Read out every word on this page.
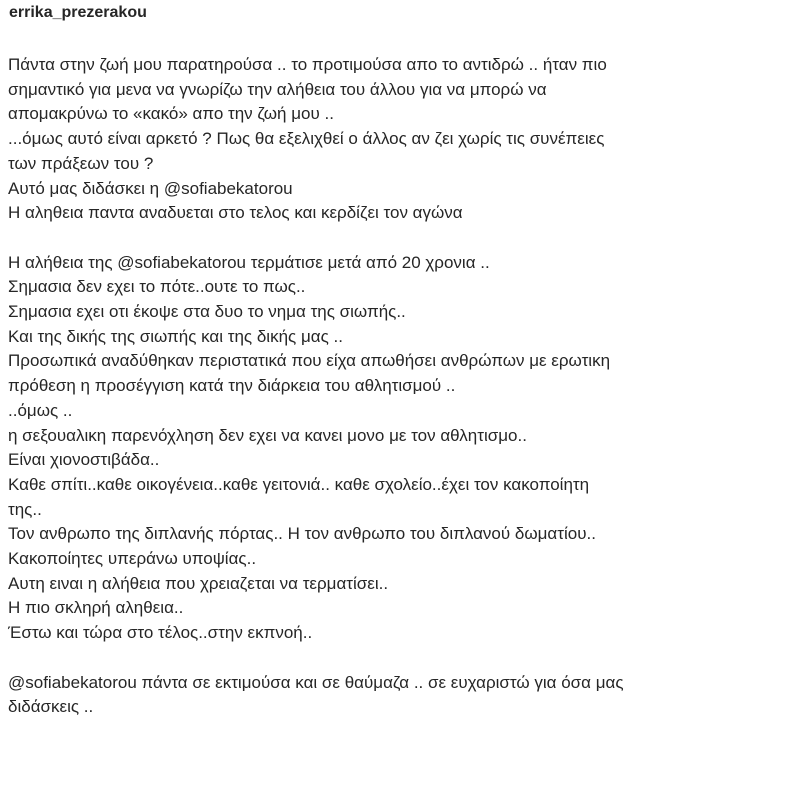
errika_prezerakou
Πάντα στην ζωή μου παρατηρούσα .. το προτιμούσα απο το αντιδρώ .. ήταν πιο
σημαντικό για μενα να γνωρίζω την αλήθεια του άλλου για να μπορώ να
απομακρύνω το «κακό» απο την ζωή μου ..
...όμως αυτό είναι αρκετό ? Πως θα εξελιχθεί ο άλλος αν ζει χωρίς τις συνέπειες
των πράξεων του ?
Αυτό μας διδάσκει η @sofiabekatorou
Η αληθεια παντα αναδυεται στο τελος και κερδίζει τον αγώνα
Η αλήθεια της @sofiabekatorou τερμάτισε μετά από 20 χρονια ..
Σημασια δεν εχει το πότε..ουτε το πως..
Σημασια εχει οτι έκοψε στα δυο το νημα της σιωπής..
Και της δικής της σιωπής και της δικής μας ..
Προσωπικά αναδύθηκαν περιστατικά που είχα απωθήσει ανθρώπων με ερωτικη
πρόθεση η προσέγγιση κατά την διάρκεια του αθλητισμού ..
..όμως ..
η σεξουαλικη παρενόχληση δεν εχει να κανει μονο με τον αθλητισμο..
Είναι χιονοστιβάδα..
Καθε σπίτι..καθε οικογένεια..καθε γειτονιά.. καθε σχολείο..έχει τον κακοποίητη
της..
Τον ανθρωπο της διπλανής πόρτας.. Η τον ανθρωπο του διπλανού δωματίου..
Κακοποίητες υπεράνω υποψίας..
Αυτη ειναι η αλήθεια που χρειαζεται να τερματίσει..
Η πιο σκληρή αληθεια..
Έστω και τώρα στο τέλος..στην εκπνοή..
@sofiabekatorou πάντα σε εκτιμούσα και σε θαύμαζα .. σε ευχαριστώ για όσα μας
διδάσκεις ..
